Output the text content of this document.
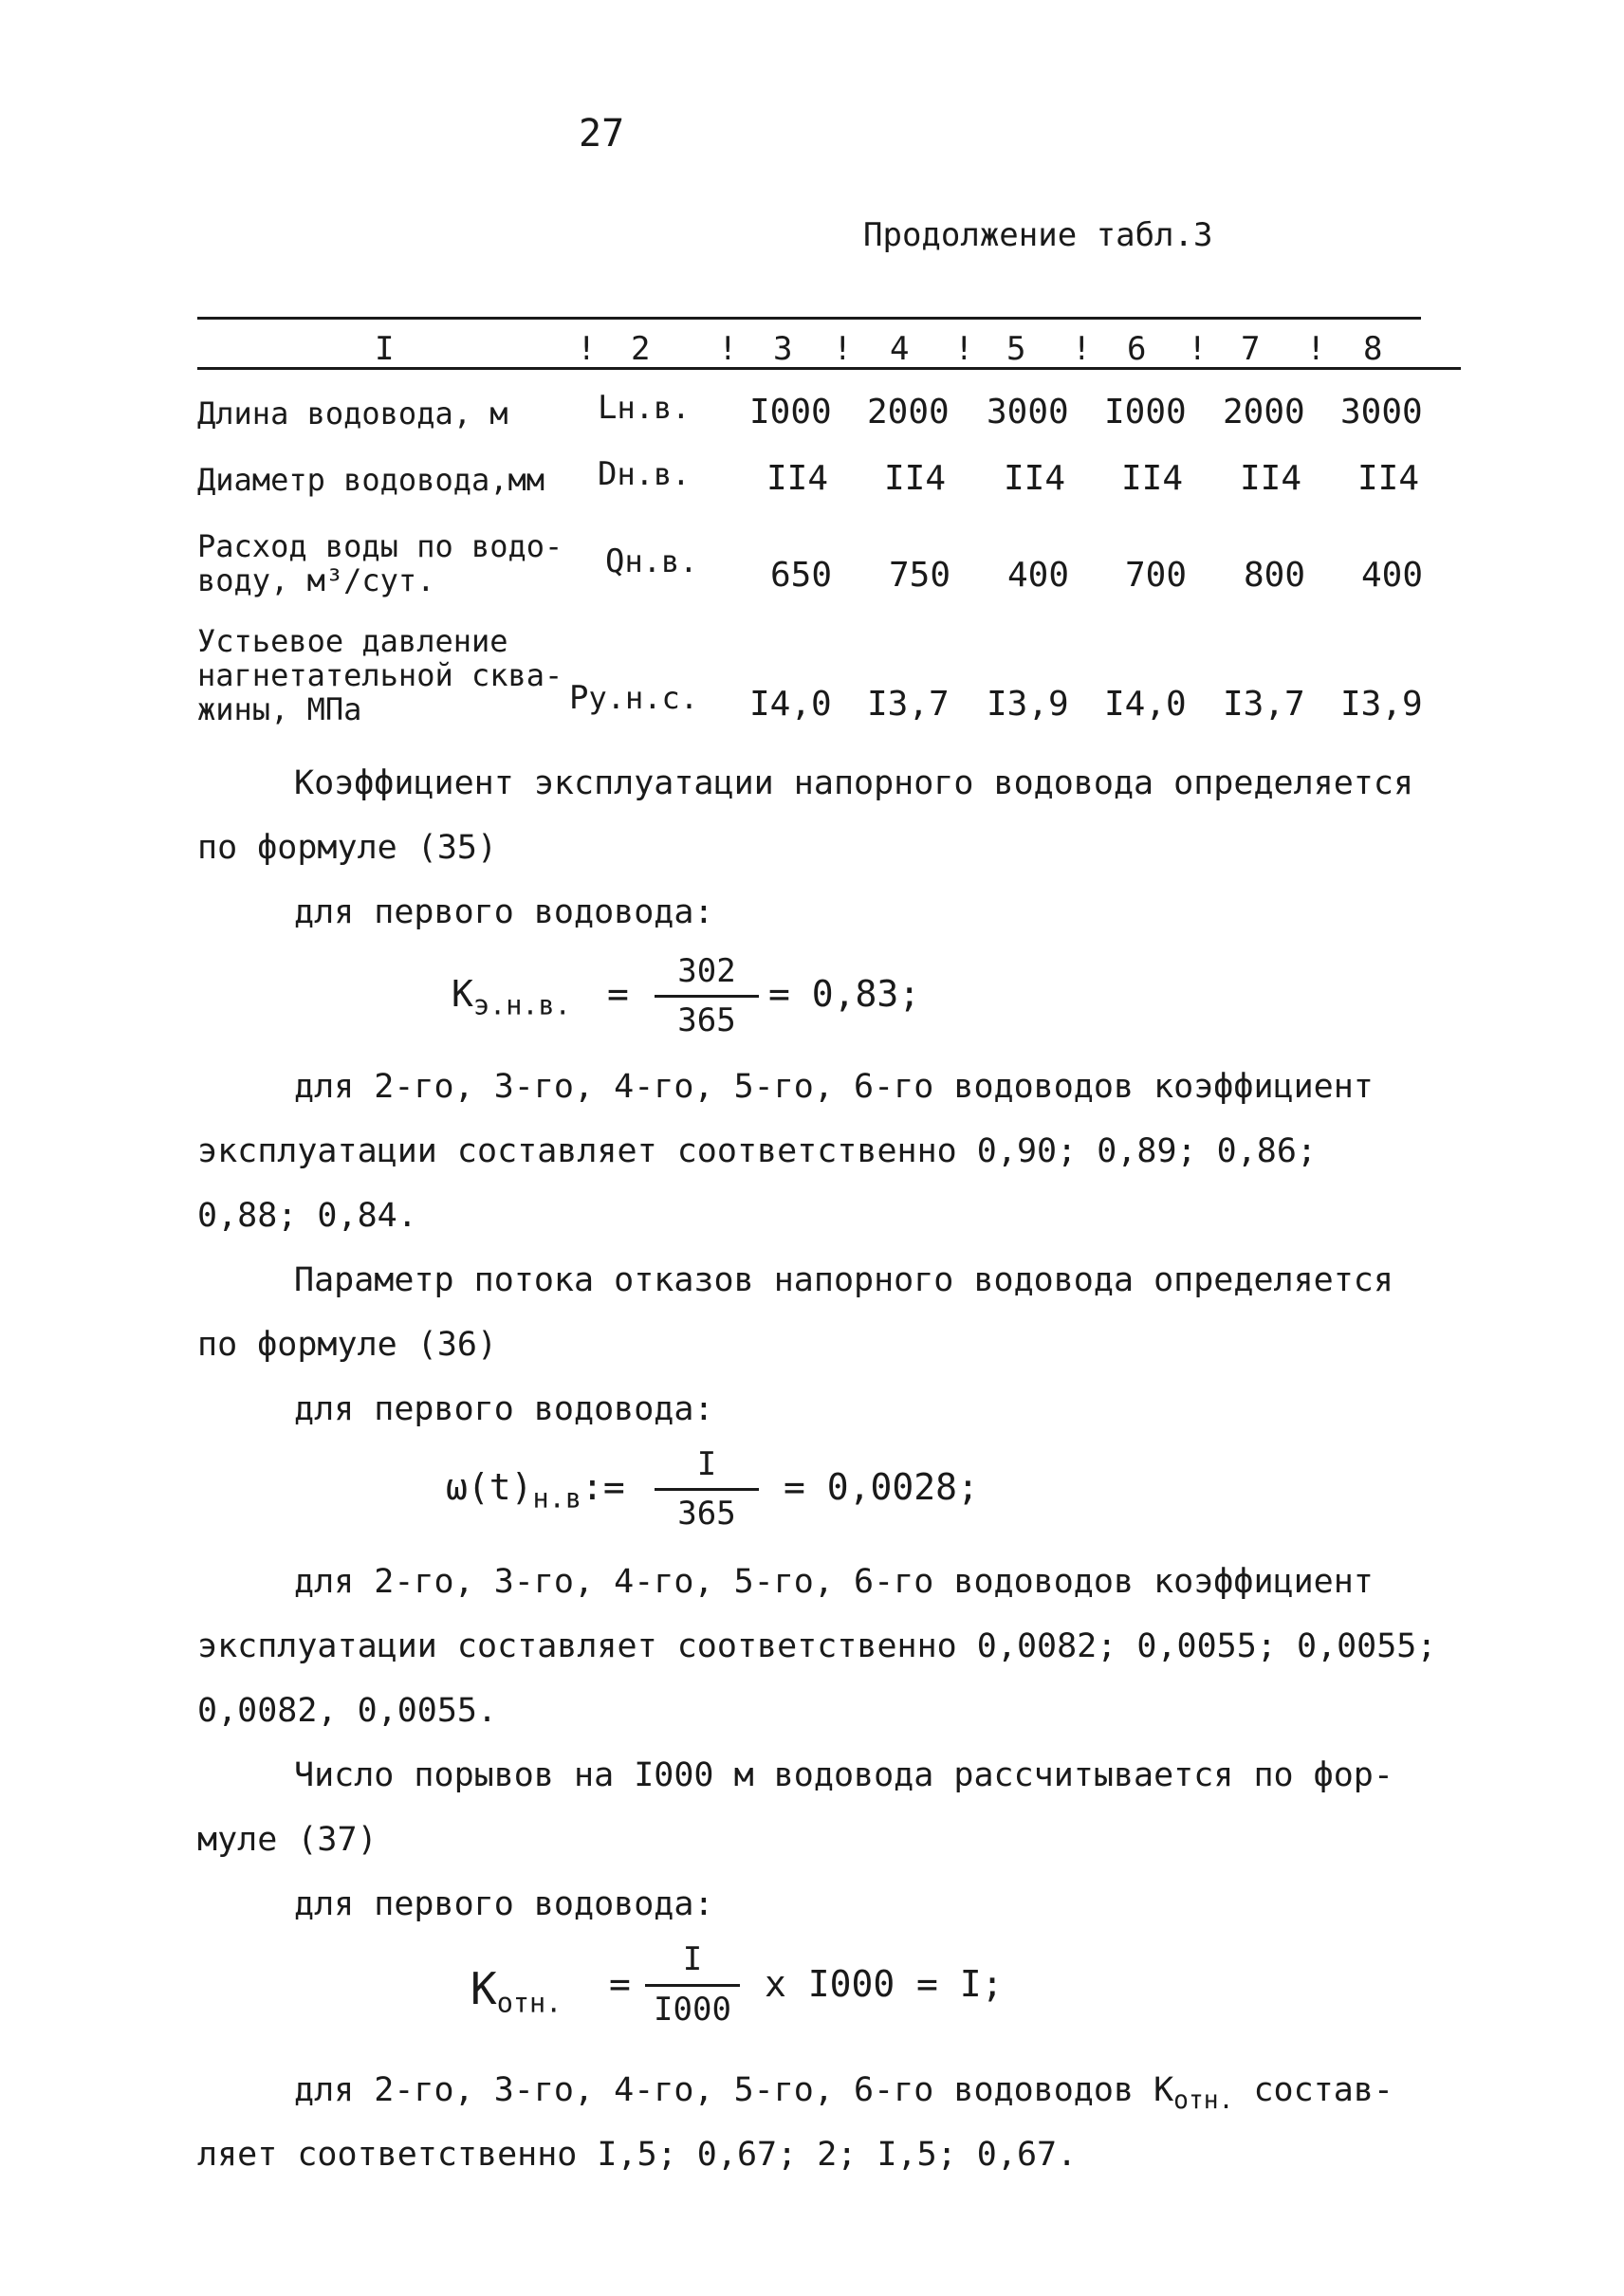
27
Продолжение табл.3
I	! 2 ! 3 ! 4 ! 5 ! 6 ! 7 ! 8
Длина водовода, м	Lн.в. I000 2000 3000 I000 2000 3000
Диаметр водовода,мм Dн.в. II4 II4 II4 II4 II4 II4
Расход воды по водо-
воду, м³/сут.	Qн.в. 650 750 400 700 800 400
Устьевое давление
нагнетательной сква-
жины, МПа	Pу.н.с. I4,0 I3,7 I3,9 I4,0 I3,7 I3,9
Коэффициент эксплуатации напорного водовода определяется
по формуле (35)
для первого водовода:
$К_{э.н.в.}$ =
302
365
= 0,83;
для 2-го, 3-го, 4-го, 5-го, 6-го водоводов коэффициент
эксплуатации составляет соответственно 0,90; 0,89; 0,86;
0,88; 0,84.
Параметр потока отказов напорного водовода определяется
по формуле (36)
для первого водовода:
$\omega(t)_{н.в}:=$
I
365
= 0,0028;
для 2-го, 3-го, 4-го, 5-го, 6-го водоводов коэффициент
эксплуатации составляет соответственно 0,0082; 0,0055; 0,0055;
0,0082, 0,0055.
Число порывов на I000 м водовода рассчитывается по фор-
муле (37)
для первого водовода:
$К_{отн.}$ =
I
I000
x I000 = I;
для 2-го, 3-го, 4-го, 5-го, 6-го водоводов $К_{отн.}$ состав-
ляет соответственно I,5; 0,67; 2; I,5; 0,67.
